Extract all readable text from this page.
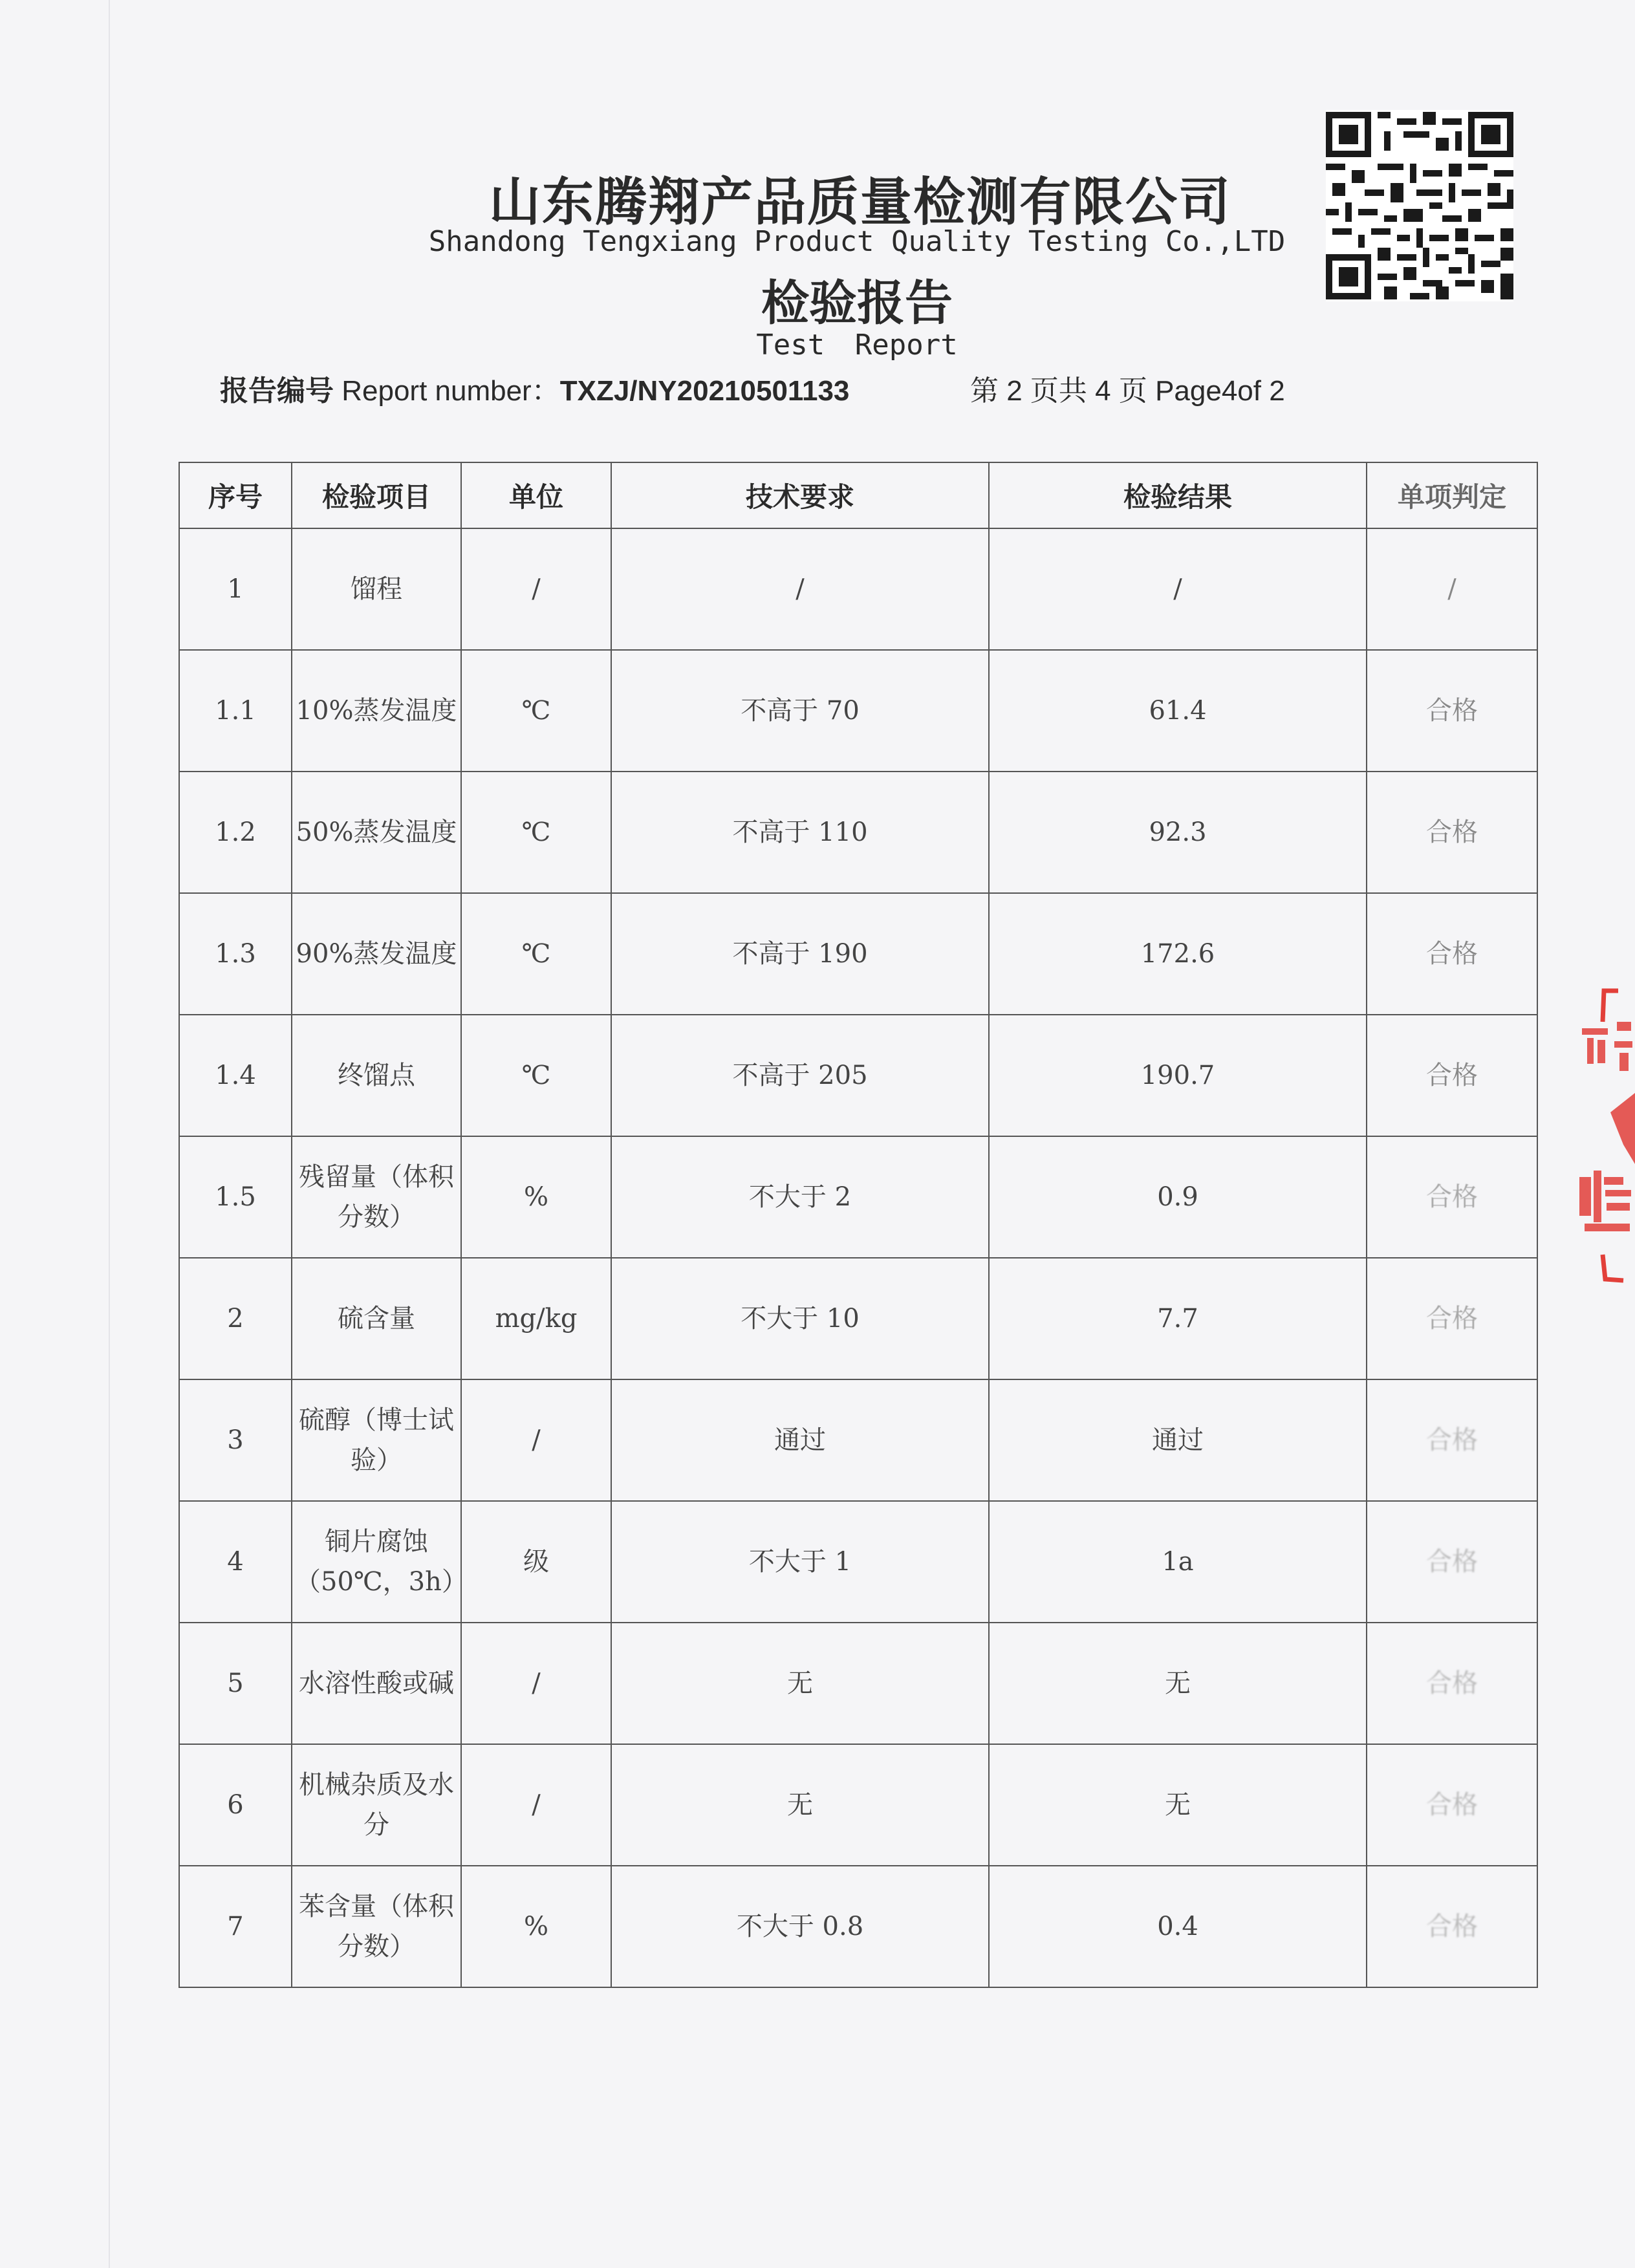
山东腾翔产品质量检测有限公司
Shandong Tengxiang Product Quality Testing Co.,LTD
检验报告
Test Report
报告编号 Report number：TXZJ/NY20210501133	第 2 页共 4 页 Page4of 2
序号	检验项目	单位	技术要求	检验结果	单项判定
1	馏程	/	/	/	/
1.1	10%蒸发温度	℃	不高于 70	61.4	合格
1.2	50%蒸发温度	℃	不高于 110	92.3	合格
1.3	90%蒸发温度	℃	不高于 190	172.6	合格
1.4	终馏点	℃	不高于 205	190.7	合格
1.5	残留量（体积分数）	%	不大于 2	0.9	合格
2	硫含量	mg/kg	不大于 10	7.7	合格
3	硫醇（博士试验）	/	通过	通过	合格
4	铜片腐蚀（50℃，3h）	级	不大于 1	1a	合格
5	水溶性酸或碱	/	无	无	合格
6	机械杂质及水分	/	无	无	合格
7	苯含量（体积分数）	%	不大于 0.8	0.4	合格
